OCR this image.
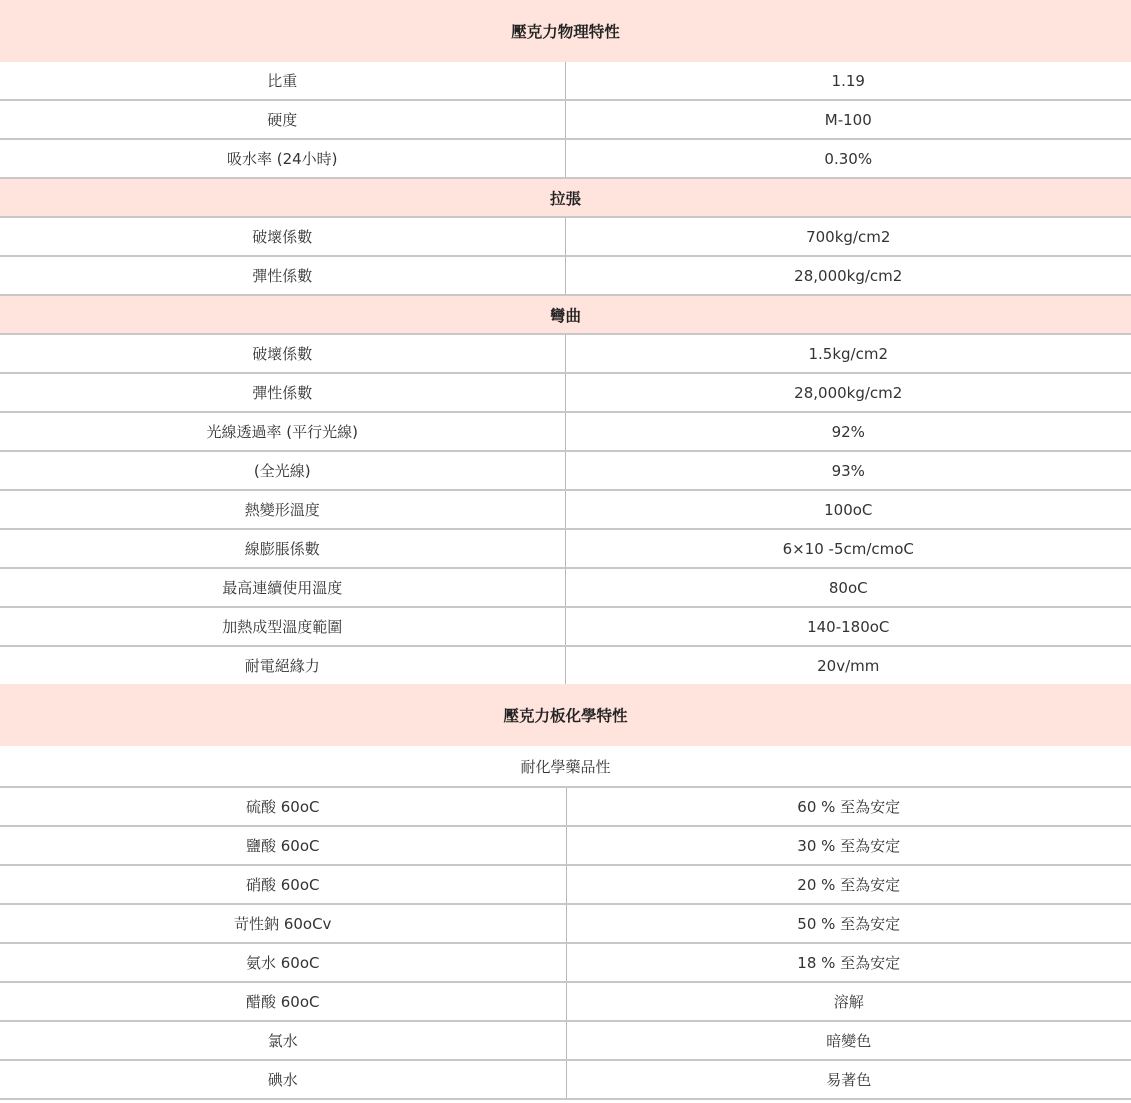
壓克力物理特性	
比重	1.19
硬度	M-100
吸水率 (24小時)	0.30%
拉張	
破壞係數	700kg/cm2
彈性係數	28,000kg/cm2
彎曲	
破壞係數	1.5kg/cm2
彈性係數	28,000kg/cm2
光線透過率 (平行光線)	92%
(全光線)	93%
熱變形溫度	100oC
線膨脹係數	6×10 -5cm/cmoC
最高連續使用溫度	80oC
加熱成型溫度範圍	140-180oC
耐電絕緣力	20v/mm
壓克力板化學特性	
耐化學藥品性	
硫酸 60oC	60 % 至為安定
鹽酸 60oC	30 % 至為安定
硝酸 60oC	20 % 至為安定
苛性鈉 60oCv	50 % 至為安定
氨水 60oC	18 % 至為安定
醋酸 60oC	溶解
氯水	暗變色
碘水	易著色
